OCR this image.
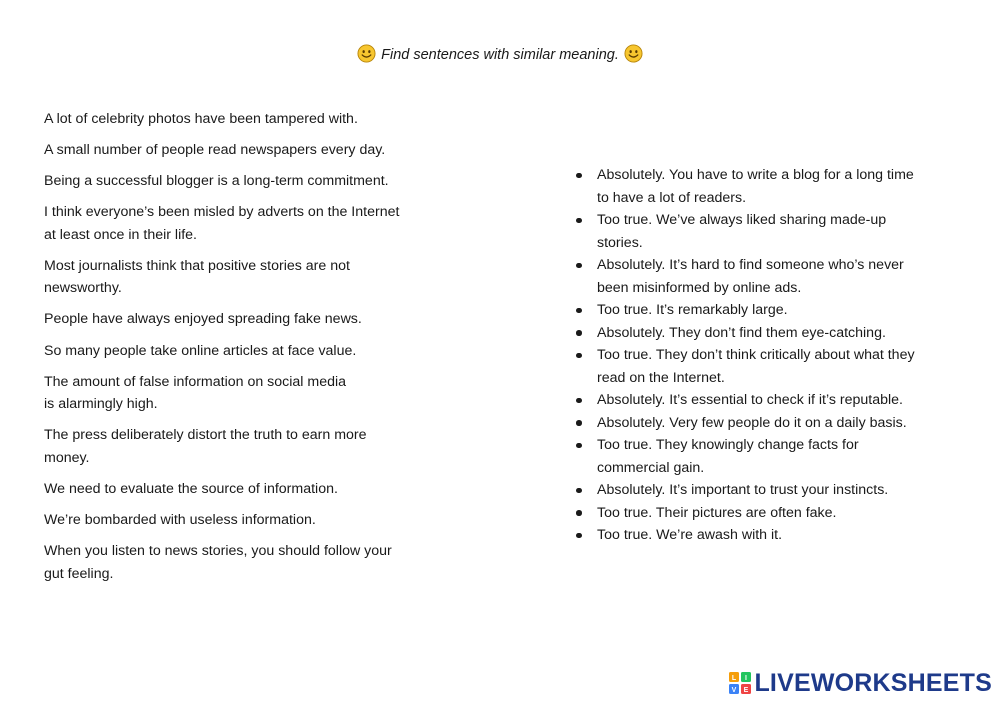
Find sentences with similar meaning.
A lot of celebrity photos have been tampered with.
A small number of people read newspapers every day.
Being a successful blogger is a long-term commitment.
I think everyone’s been misled by adverts on the Internet
at least once in their life.
Most journalists think that positive stories are not
newsworthy.
People have always enjoyed spreading fake news.
So many people take online articles at face value.
The amount of false information on social media
is alarmingly high.
The press deliberately distort the truth to earn more
money.
We need to evaluate the source of information.
We’re bombarded with useless information.
When you listen to news stories, you should follow your
gut feeling.
Absolutely. You have to write a blog for a long time
to have a lot of readers.
Too true. We’ve always liked sharing made-up
stories.
Absolutely. It’s hard to find someone who’s never
been misinformed by online ads.
Too true. It’s remarkably large.
Absolutely. They don’t find them eye-catching.
Too true. They don’t think critically about what they
read on the Internet.
Absolutely. It’s essential to check if it’s reputable.
Absolutely. Very few people do it on a daily basis.
Too true. They knowingly change facts for
commercial gain.
Absolutely. It’s important to trust your instincts.
Too true. Their pictures are often fake.
Too true. We’re awash with it.
L I
V E LIVEWORKSHEETS
